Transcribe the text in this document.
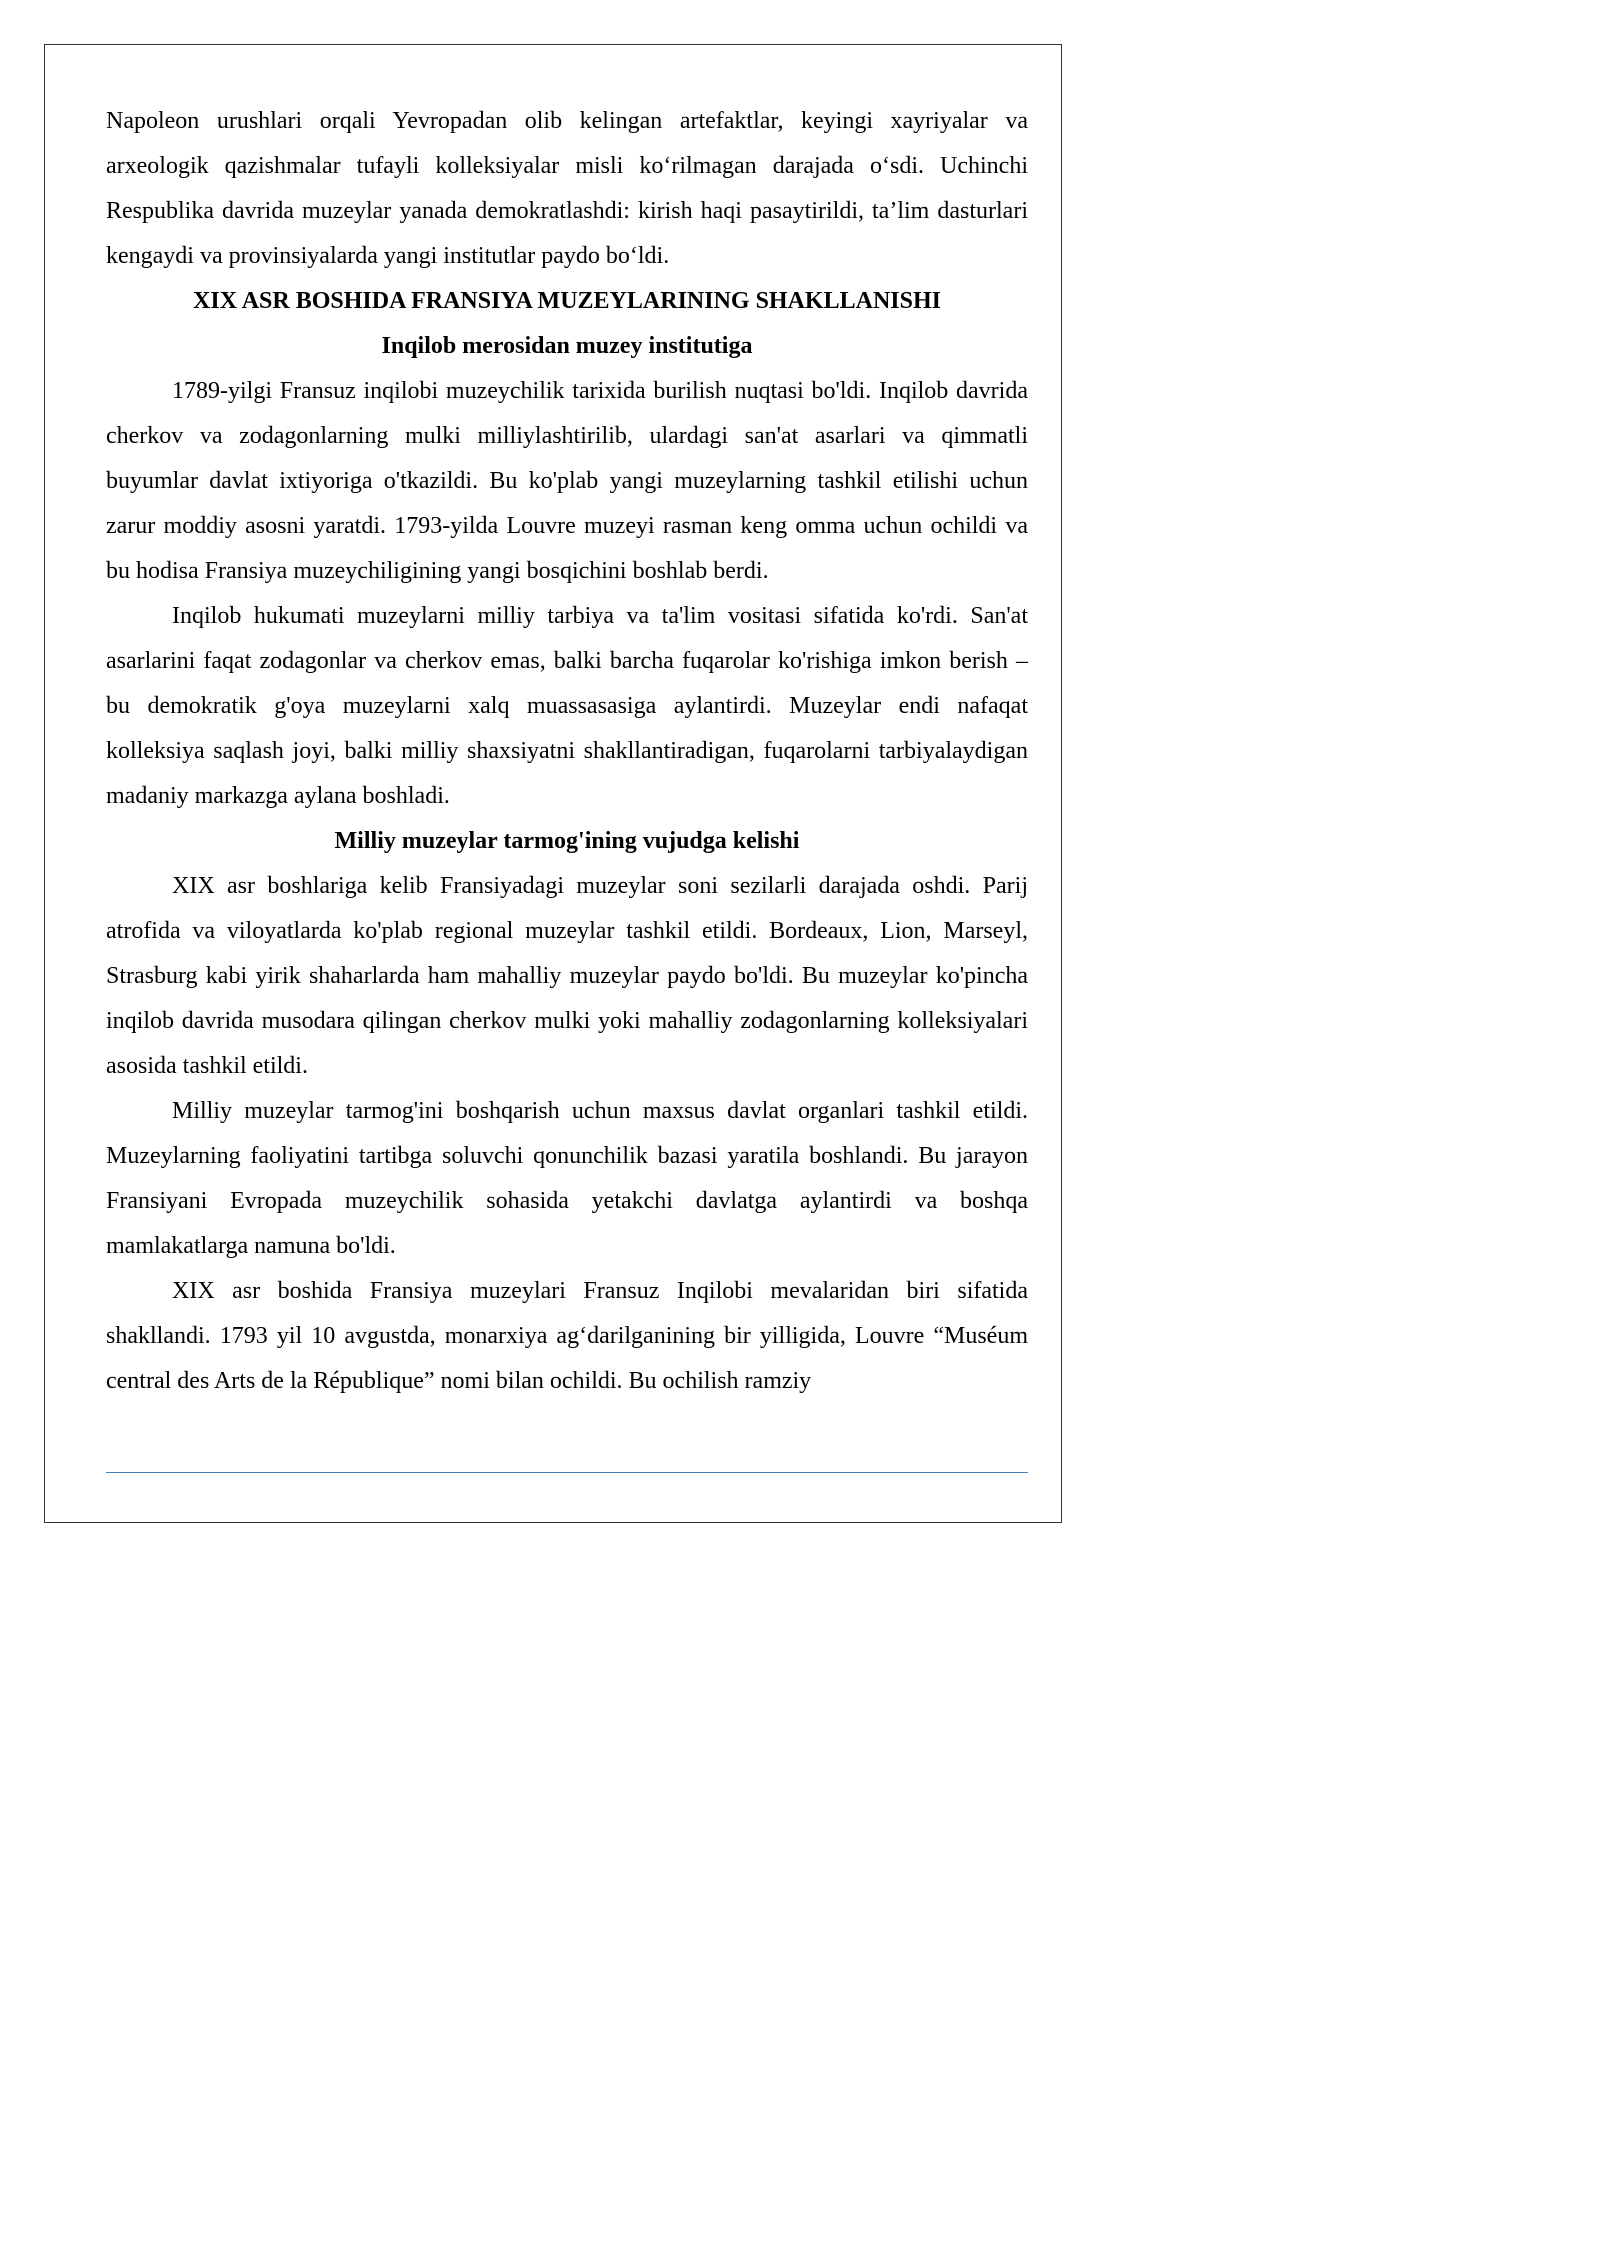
Napoleon urushlari orqali Yevropadan olib kelingan artefaktlar, keyingi xayriyalar va arxeologik qazishmalar tufayli kolleksiyalar misli ko‘rilmagan darajada o‘sdi. Uchinchi Respublika davrida muzeylar yanada demokratlashdi: kirish haqi pasaytirildi, ta’lim dasturlari kengaydi va provinsiyalarda yangi institutlar paydo bo‘ldi.

XIX ASR BOSHIDA FRANSIYA MUZEYLARINING SHAKLLANISHI
Inqilob merosidan muzey institutiga

1789-yilgi Fransuz inqilobi muzeychilik tarixida burilish nuqtasi bo'ldi. Inqilob davrida cherkov va zodagonlarning mulki milliylashtirilib, ulardagi san'at asarlari va qimmatli buyumlar davlat ixtiyoriga o'tkazildi. Bu ko'plab yangi muzeylarning tashkil etilishi uchun zarur moddiy asosni yaratdi. 1793-yilda Louvre muzeyi rasman keng omma uchun ochildi va bu hodisa Fransiya muzeychiligining yangi bosqichini boshlab berdi.

Inqilob hukumati muzeylarni milliy tarbiya va ta'lim vositasi sifatida ko'rdi. San'at asarlarini faqat zodagonlar va cherkov emas, balki barcha fuqarolar ko'rishiga imkon berish – bu demokratik g'oya muzeylarni xalq muassasasiga aylantirdi. Muzeylar endi nafaqat kolleksiya saqlash joyi, balki milliy shaxsiyatni shakllantiradigan, fuqarolarni tarbiyalaydigan madaniy markazga aylana boshladi.

Milliy muzeylar tarmog'ining vujudga kelishi

XIX asr boshlariga kelib Fransiyadagi muzeylar soni sezilarli darajada oshdi. Parij atrofida va viloyatlarda ko'plab regional muzeylar tashkil etildi. Bordeaux, Lion, Marseyl, Strasburg kabi yirik shaharlarda ham mahalliy muzeylar paydo bo'ldi. Bu muzeylar ko'pincha inqilob davrida musodara qilingan cherkov mulki yoki mahalliy zodagonlarning kolleksiyalari asosida tashkil etildi.

Milliy muzeylar tarmog'ini boshqarish uchun maxsus davlat organlari tashkil etildi. Muzeylarning faoliyatini tartibga soluvchi qonunchilik bazasi yaratila boshlandi. Bu jarayon Fransiyani Evropada muzeychilik sohasida yetakchi davlatga aylantirdi va boshqa mamlakatlarga namuna bo'ldi.

XIX asr boshida Fransiya muzeylari Fransuz Inqilobi mevalaridan biri sifatida shakllandi. 1793 yil 10 avgustda, monarxiya ag‘darilganining bir yilligida, Louvre “Muséum central des Arts de la République” nomi bilan ochildi. Bu ochilish ramziy
